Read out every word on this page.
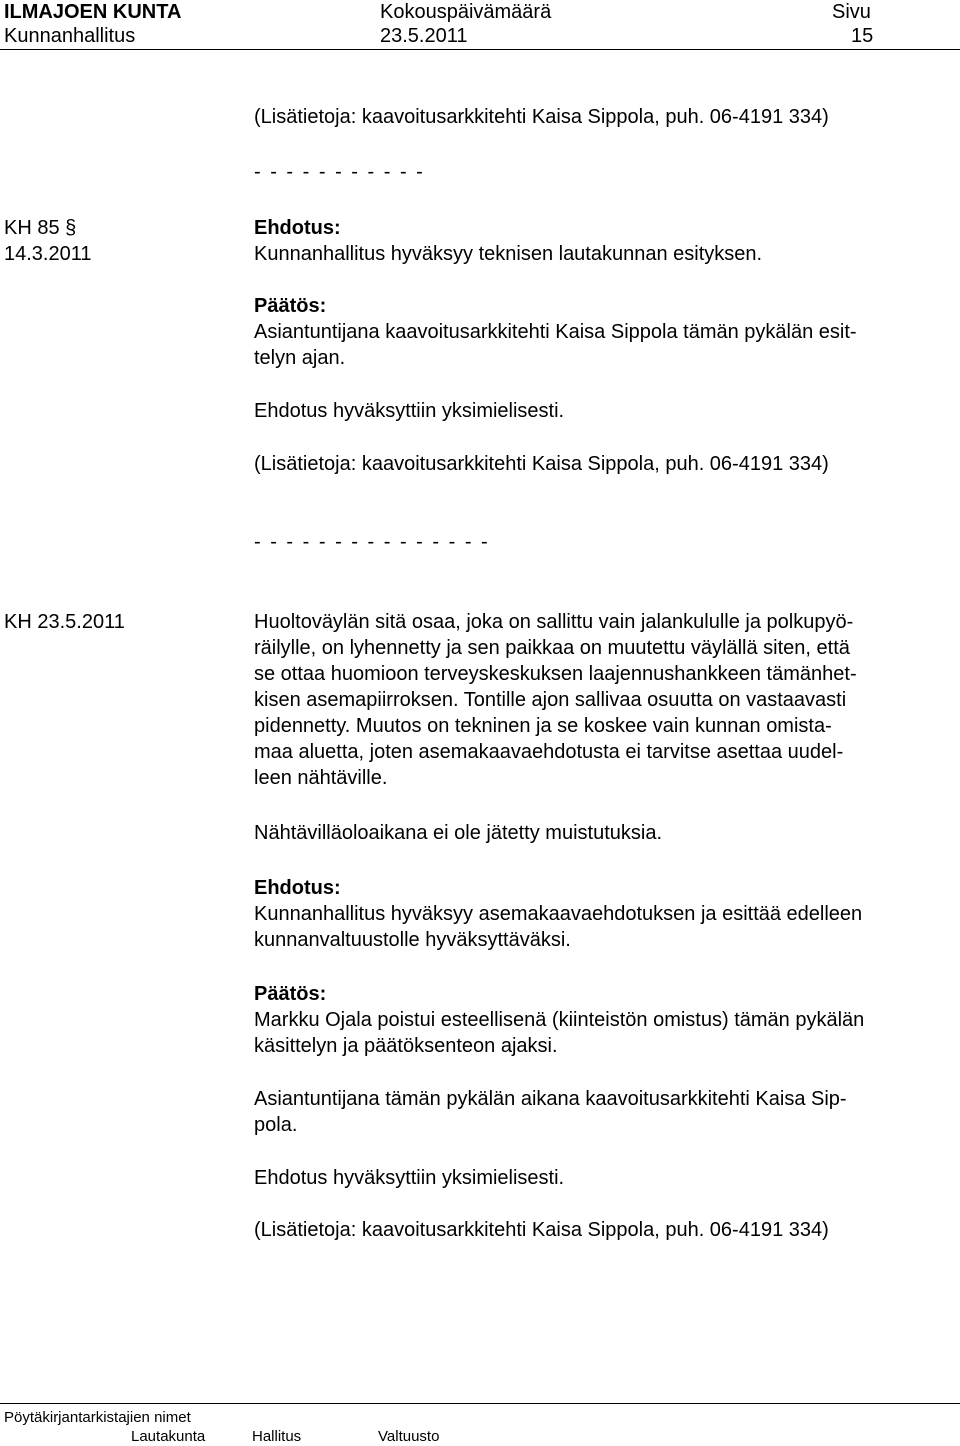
ILMAJOEN KUNTA	Kokouspäivämäärä	Sivu
Kunnanhallitus	23.5.2011	15
(Lisätietoja: kaavoitusarkkitehti Kaisa Sippola, puh. 06-4191 334)
- - - - - - - - - - -
KH 85 §
14.3.2011
Ehdotus:
Kunnanhallitus hyväksyy teknisen lautakunnan esityksen.
Päätös:
Asiantuntijana kaavoitusarkkitehti Kaisa Sippola tämän pykälän esit-
telyn ajan.
Ehdotus hyväksyttiin yksimielisesti.
(Lisätietoja: kaavoitusarkkitehti Kaisa Sippola, puh. 06-4191 334)
- - - - - - - - - - - - - - -
KH 23.5.2011	Huoltoväylän sitä osaa, joka on sallittu vain jalankululle ja polkupyö-
räilylle, on lyhennetty ja sen paikkaa on muutettu väylällä siten, että
se ottaa huomioon terveyskeskuksen laajennushankkeen tämänhet-
kisen asemapiirroksen. Tontille ajon sallivaa osuutta on vastaavasti
pidennetty. Muutos on tekninen ja se koskee vain kunnan omista-
maa aluetta, joten asemakaavaehdotusta ei tarvitse asettaa uudel-
leen nähtäville.
Nähtävilläoloaikana ei ole jätetty muistutuksia.
Ehdotus:
Kunnanhallitus hyväksyy asemakaavaehdotuksen ja esittää edelleen
kunnanvaltuustolle hyväksyttäväksi.
Päätös:
Markku Ojala poistui esteellisenä (kiinteistön omistus) tämän pykälän
käsittelyn ja päätöksenteon ajaksi.
Asiantuntijana tämän pykälän aikana kaavoitusarkkitehti Kaisa Sip-
pola.
Ehdotus hyväksyttiin yksimielisesti.
(Lisätietoja: kaavoitusarkkitehti Kaisa Sippola, puh. 06-4191 334)
Pöytäkirjantarkistajien nimet
Lautakunta	Hallitus	Valtuusto
